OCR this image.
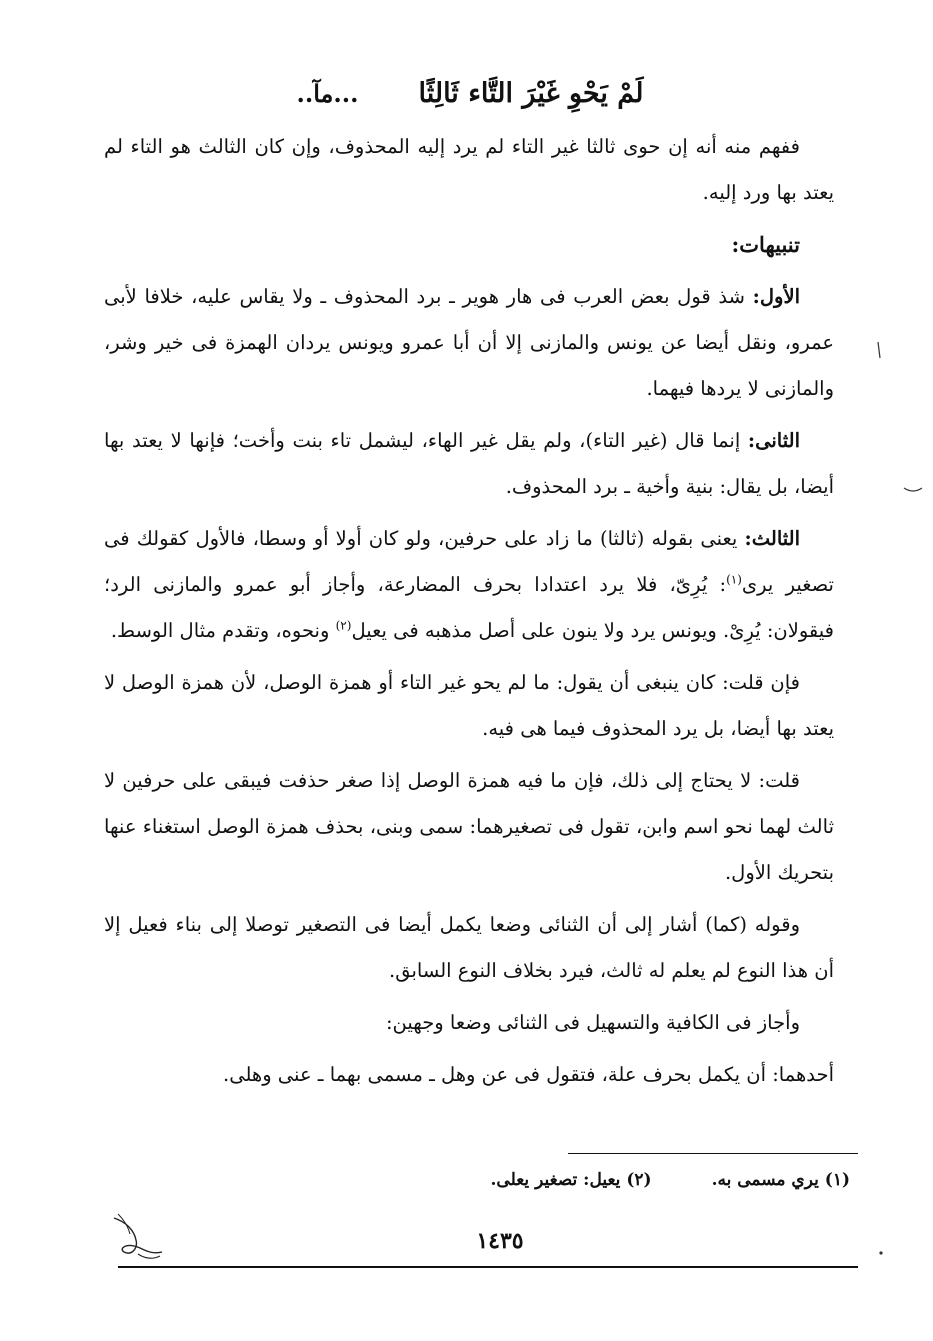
لَمْ يَحْوِ غَيْرَ التَّاء ثَالِثًا
...مآ..

ففهم منه أنه إن حوى ثالثا غير التاء لم يرد إليه المحذوف، وإن كان الثالث هو التاء لم يعتد بها ورد إليه.

تنبيهات:

الأول: شذ قول بعض العرب فى هار هوير ـ برد المحذوف ـ ولا يقاس عليه، خلافا لأبى عمرو، ونقل أيضا عن يونس والمازنى إلا أن أبا عمرو ويونس يردان الهمزة فى خير وشر، والمازنى لا يردها فيهما.

الثانى: إنما قال (غير التاء)، ولم يقل غير الهاء، ليشمل تاء بنت وأخت؛ فإنها لا يعتد بها أيضا، بل يقال: بنية وأخية ـ برد المحذوف.

الثالث: يعنى بقوله (ثالثا) ما زاد على حرفين، ولو كان أولا أو وسطا، فالأول كقولك فى تصغير يرى$^{(١)}$: يُرِىّ، فلا يرد اعتدادا بحرف المضارعة، وأجاز أبو عمرو والمازنى الرد؛ فيقولان: يُرِىْ. ويونس يرد ولا ينون على أصل مذهبه فى يعيل$^{(٢)}$ ونحوه، وتقدم مثال الوسط.

فإن قلت: كان ينبغى أن يقول: ما لم يحو غير التاء أو همزة الوصل، لأن همزة الوصل لا يعتد بها أيضا، بل يرد المحذوف فيما هى فيه.

قلت: لا يحتاج إلى ذلك، فإن ما فيه همزة الوصل إذا صغر حذفت فيبقى على حرفين لا ثالث لهما نحو اسم وابن، تقول فى تصغيرهما: سمى وبنى، بحذف همزة الوصل استغناء عنها بتحريك الأول.

وقوله (كما) أشار إلى أن الثنائى وضعا يكمل أيضا فى التصغير توصلا إلى بناء فعيل إلا أن هذا النوع لم يعلم له ثالث، فيرد بخلاف النوع السابق.

وأجاز فى الكافية والتسهيل فى الثنائى وضعا وجهين:

أحدهما: أن يكمل بحرف علة، فتقول فى عن وهل ـ مسمى بهما ـ عنى وهلى.

(١) يري مسمى به.
(٢) يعيل: تصغير يعلى.
١٤٣٥
